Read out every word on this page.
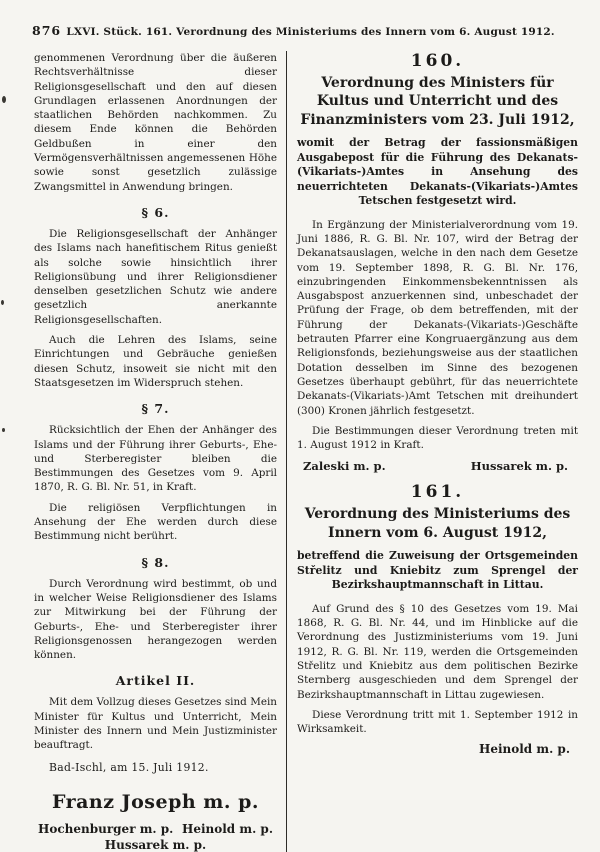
876 LXVI. Stück. 161. Verordnung des Ministeriums des Innern vom 6. August 1912.

genommenen Verordnung über die äußeren Rechtsverhältnisse dieser Religionsgesellschaft und den auf diesen Grundlagen erlassenen Anordnungen der staatlichen Behörden nachkommen. Zu diesem Ende können die Behörden Geldbußen in einer den Vermögensverhältnissen angemessenen Höhe sowie sonst gesetzlich zulässige Zwangsmittel in Anwendung bringen.

§ 6.

Die Religionsgesellschaft der Anhänger des Islams nach hanefitischem Ritus genießt als solche sowie hinsichtlich ihrer Religionsübung und ihrer Religionsdiener denselben gesetzlichen Schutz wie andere gesetzlich anerkannte Religionsgesellschaften.

Auch die Lehren des Islams, seine Einrichtungen und Gebräuche genießen diesen Schutz, insoweit sie nicht mit den Staatsgesetzen im Widerspruch stehen.

§ 7.

Rücksichtlich der Ehen der Anhänger des Islams und der Führung ihrer Geburts-, Ehe- und Sterberegister bleiben die Bestimmungen des Gesetzes vom 9. April 1870, R. G. Bl. Nr. 51, in Kraft.

Die religiösen Verpflichtungen in Ansehung der Ehe werden durch diese Bestimmung nicht berührt.

§ 8.

Durch Verordnung wird bestimmt, ob und in welcher Weise Religionsdiener des Islams zur Mitwirkung bei der Führung der Geburts-, Ehe- und Sterberegister ihrer Religionsgenossen herangezogen werden können.

Artikel II.

Mit dem Vollzug dieses Gesetzes sind Mein Minister für Kultus und Unterricht, Mein Minister des Innern und Mein Justizminister beauftragt.

Bad-Ischl, am 15. Juli 1912.

Franz Joseph m. p.
Hochenburger m. p. Heinold m. p.
Hussarek m. p.
160.
Verordnung des Ministers für Kultus und Unterricht und des Finanzministers vom 23. Juli 1912,
womit der Betrag der fassionsmäßigen Ausgabepost für die Führung des Dekanats-(Vikariats-)Amtes in Ansehung des neuerrichteten Dekanats-(Vikariats-)Amtes Tetschen festgesetzt wird.

In Ergänzung der Ministerialverordnung vom 19. Juni 1886, R. G. Bl. Nr. 107, wird der Betrag der Dekanatsauslagen, welche in den nach dem Gesetze vom 19. September 1898, R. G. Bl. Nr. 176, einzubringenden Einkommensbekenntnissen als Ausgabspost anzuerkennen sind, unbeschadet der Prüfung der Frage, ob dem betreffenden, mit der Führung der Dekanats-(Vikariats-)Geschäfte betrauten Pfarrer eine Kongruaergänzung aus dem Religionsfonds, beziehungsweise aus der staatlichen Dotation desselben im Sinne des bezogenen Gesetzes überhaupt gebührt, für das neuerrichtete Dekanats-(Vikariats-)Amt Tetschen mit dreihundert (300) Kronen jährlich festgesetzt.

Die Bestimmungen dieser Verordnung treten mit 1. August 1912 in Kraft.

Zaleski m. p.	Hussarek m. p.
161.
Verordnung des Ministeriums des Innern vom 6. August 1912,
betreffend die Zuweisung der Ortsgemeinden Střelitz und Kniebitz zum Sprengel der Bezirkshauptmannschaft in Littau.

Auf Grund des § 10 des Gesetzes vom 19. Mai 1868, R. G. Bl. Nr. 44, und im Hinblicke auf die Verordnung des Justizministeriums vom 19. Juni 1912, R. G. Bl. Nr. 119, werden die Ortsgemeinden Střelitz und Kniebitz aus dem politischen Bezirke Sternberg ausgeschieden und dem Sprengel der Bezirkshauptmannschaft in Littau zugewiesen.

Diese Verordnung tritt mit 1. September 1912 in Wirksamkeit.

Heinold m. p.
